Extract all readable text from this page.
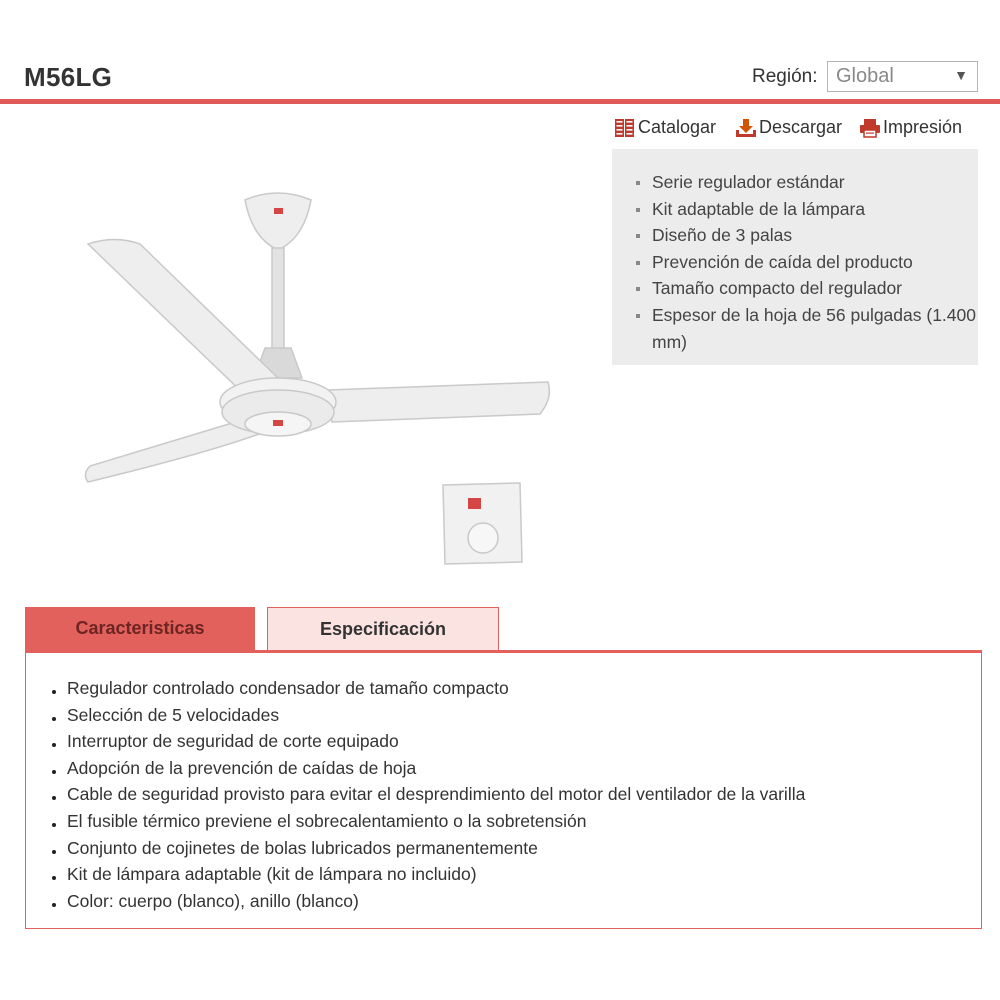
M56LG	Región: Global	▼
Catalogar Descargar Impresión
Serie regulador estándar
Kit adaptable de la lámpara
Diseño de 3 palas
Prevención de caída del producto
Tamaño compacto del regulador
Espesor de la hoja de 56 pulgadas (1.400 mm)
Caracteristicas	Especificación
Regulador controlado condensador de tamaño compacto
Selección de 5 velocidades
Interruptor de seguridad de corte equipado
Adopción de la prevención de caídas de hoja
Cable de seguridad provisto para evitar el desprendimiento del motor del ventilador de la varilla
El fusible térmico previene el sobrecalentamiento o la sobretensión
Conjunto de cojinetes de bolas lubricados permanentemente
Kit de lámpara adaptable (kit de lámpara no incluido)
Color: cuerpo (blanco), anillo (blanco)
